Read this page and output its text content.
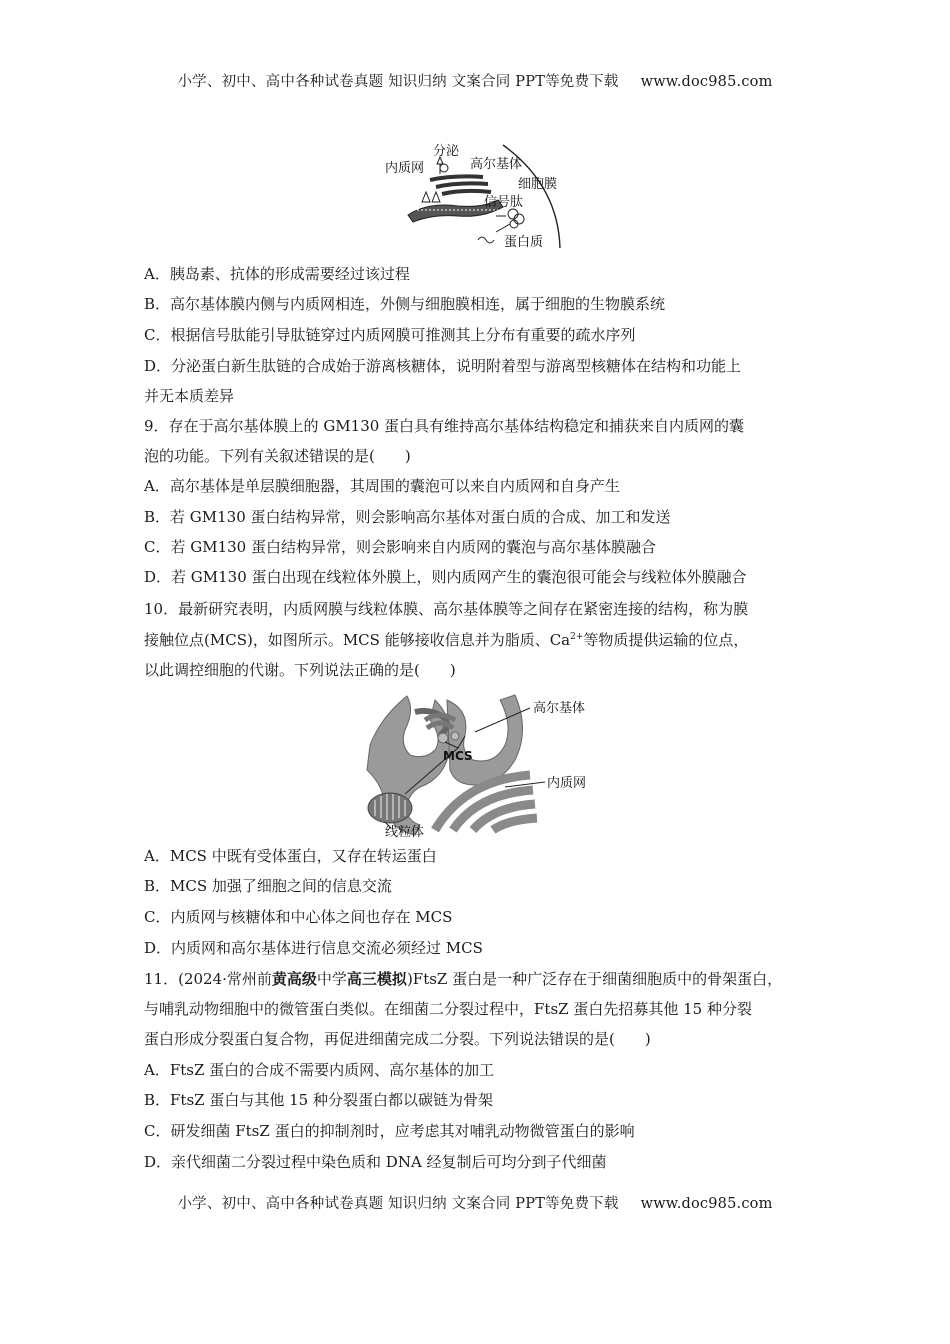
小学、初中、高中各种试卷真题 知识归纳 文案合同 PPT等免费下载 www.doc985.com
内质网
分泌
高尔基体
细胞膜
信号肽
蛋白质
A．胰岛素、抗体的形成需要经过该过程
B．高尔基体膜内侧与内质网相连，外侧与细胞膜相连，属于细胞的生物膜系统
C．根据信号肽能引导肽链穿过内质网膜可推测其上分布有重要的疏水序列
D．分泌蛋白新生肽链的合成始于游离核糖体，说明附着型与游离型核糖体在结构和功能上
并无本质差异
9．存在于高尔基体膜上的 GM130 蛋白具有维持高尔基体结构稳定和捕获来自内质网的囊
泡的功能。下列有关叙述错误的是(　　)
A．高尔基体是单层膜细胞器，其周围的囊泡可以来自内质网和自身产生
B．若 GM130 蛋白结构异常，则会影响高尔基体对蛋白质的合成、加工和发送
C．若 GM130 蛋白结构异常，则会影响来自内质网的囊泡与高尔基体膜融合
D．若 GM130 蛋白出现在线粒体外膜上，则内质网产生的囊泡很可能会与线粒体外膜融合
10．最新研究表明，内质网膜与线粒体膜、高尔基体膜等之间存在紧密连接的结构，称为膜
接触位点(MCS)，如图所示。MCS 能够接收信息并为脂质、$Ca^{2+}$等物质提供运输的位点，
以此调控细胞的代谢。下列说法正确的是(　　)
MCS
高尔基体
内质网
线粒体
A．MCS 中既有受体蛋白，又存在转运蛋白
B．MCS 加强了细胞之间的信息交流
C．内质网与核糖体和中心体之间也存在 MCS
D．内质网和高尔基体进行信息交流必须经过 MCS
11．(2024·常州前黄高级中学高三模拟)FtsZ 蛋白是一种广泛存在于细菌细胞质中的骨架蛋白，
与哺乳动物细胞中的微管蛋白类似。在细菌二分裂过程中，FtsZ 蛋白先招募其他 15 种分裂
蛋白形成分裂蛋白复合物，再促进细菌完成二分裂。下列说法错误的是(　　)
A．FtsZ 蛋白的合成不需要内质网、高尔基体的加工
B．FtsZ 蛋白与其他 15 种分裂蛋白都以碳链为骨架
C．研发细菌 FtsZ 蛋白的抑制剂时，应考虑其对哺乳动物微管蛋白的影响
D．亲代细菌二分裂过程中染色质和 DNA 经复制后可均分到子代细菌
小学、初中、高中各种试卷真题 知识归纳 文案合同 PPT等免费下载 www.doc985.com
